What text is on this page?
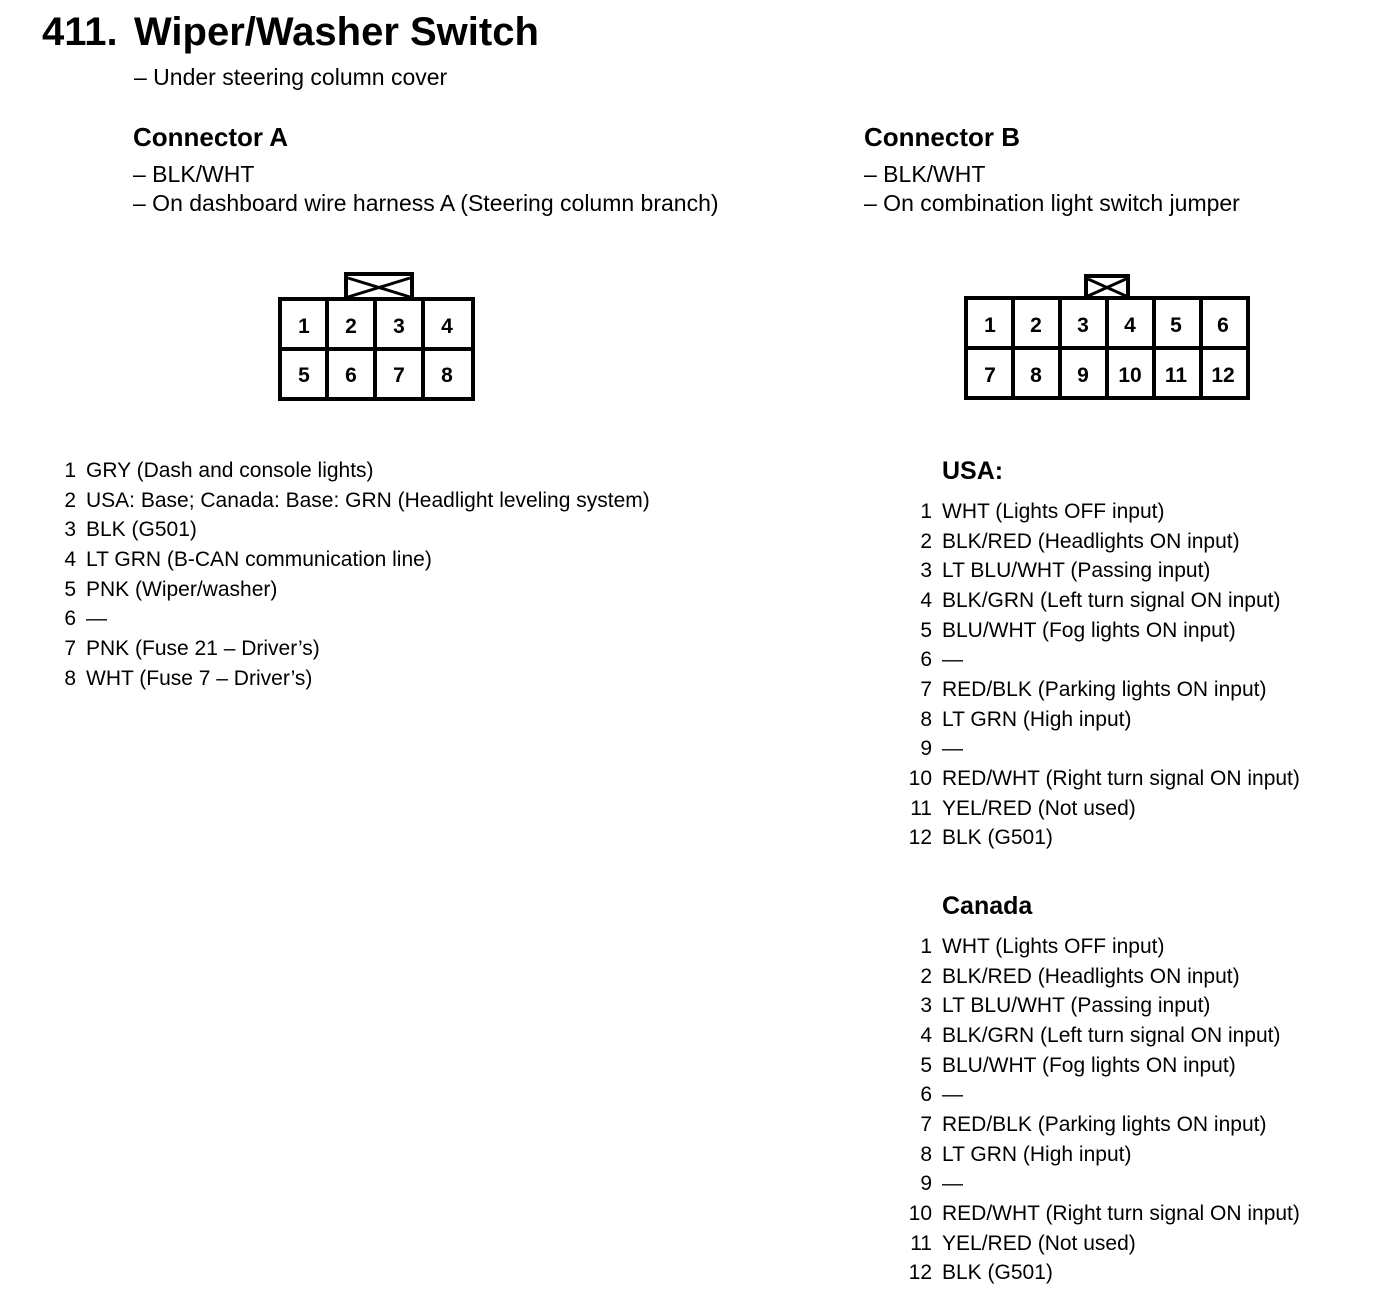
411. Wiper/Washer Switch
– Under steering column cover
Connector A
– BLK/WHT
– On dashboard wire harness A (Steering column branch)
Connector B
– BLK/WHT
– On combination light switch jumper
1 2 3 4
5 6 7 8
1 2 3 4 5 6
7 8 9 10 11 12
1 GRY (Dash and console lights)
2 USA: Base; Canada: Base: GRN (Headlight leveling system)
3 BLK (G501)
4 LT GRN (B-CAN communication line)
5 PNK (Wiper/washer)
6 —
7 PNK (Fuse 21 – Driver’s)
8 WHT (Fuse 7 – Driver’s)
USA:
1 WHT (Lights OFF input)
2 BLK/RED (Headlights ON input)
3 LT BLU/WHT (Passing input)
4 BLK/GRN (Left turn signal ON input)
5 BLU/WHT (Fog lights ON input)
6 —
7 RED/BLK (Parking lights ON input)
8 LT GRN (High input)
9 —
10 RED/WHT (Right turn signal ON input)
11 YEL/RED (Not used)
12 BLK (G501)
Canada
1 WHT (Lights OFF input)
2 BLK/RED (Headlights ON input)
3 LT BLU/WHT (Passing input)
4 BLK/GRN (Left turn signal ON input)
5 BLU/WHT (Fog lights ON input)
6 —
7 RED/BLK (Parking lights ON input)
8 LT GRN (High input)
9 —
10 RED/WHT (Right turn signal ON input)
11 YEL/RED (Not used)
12 BLK (G501)
